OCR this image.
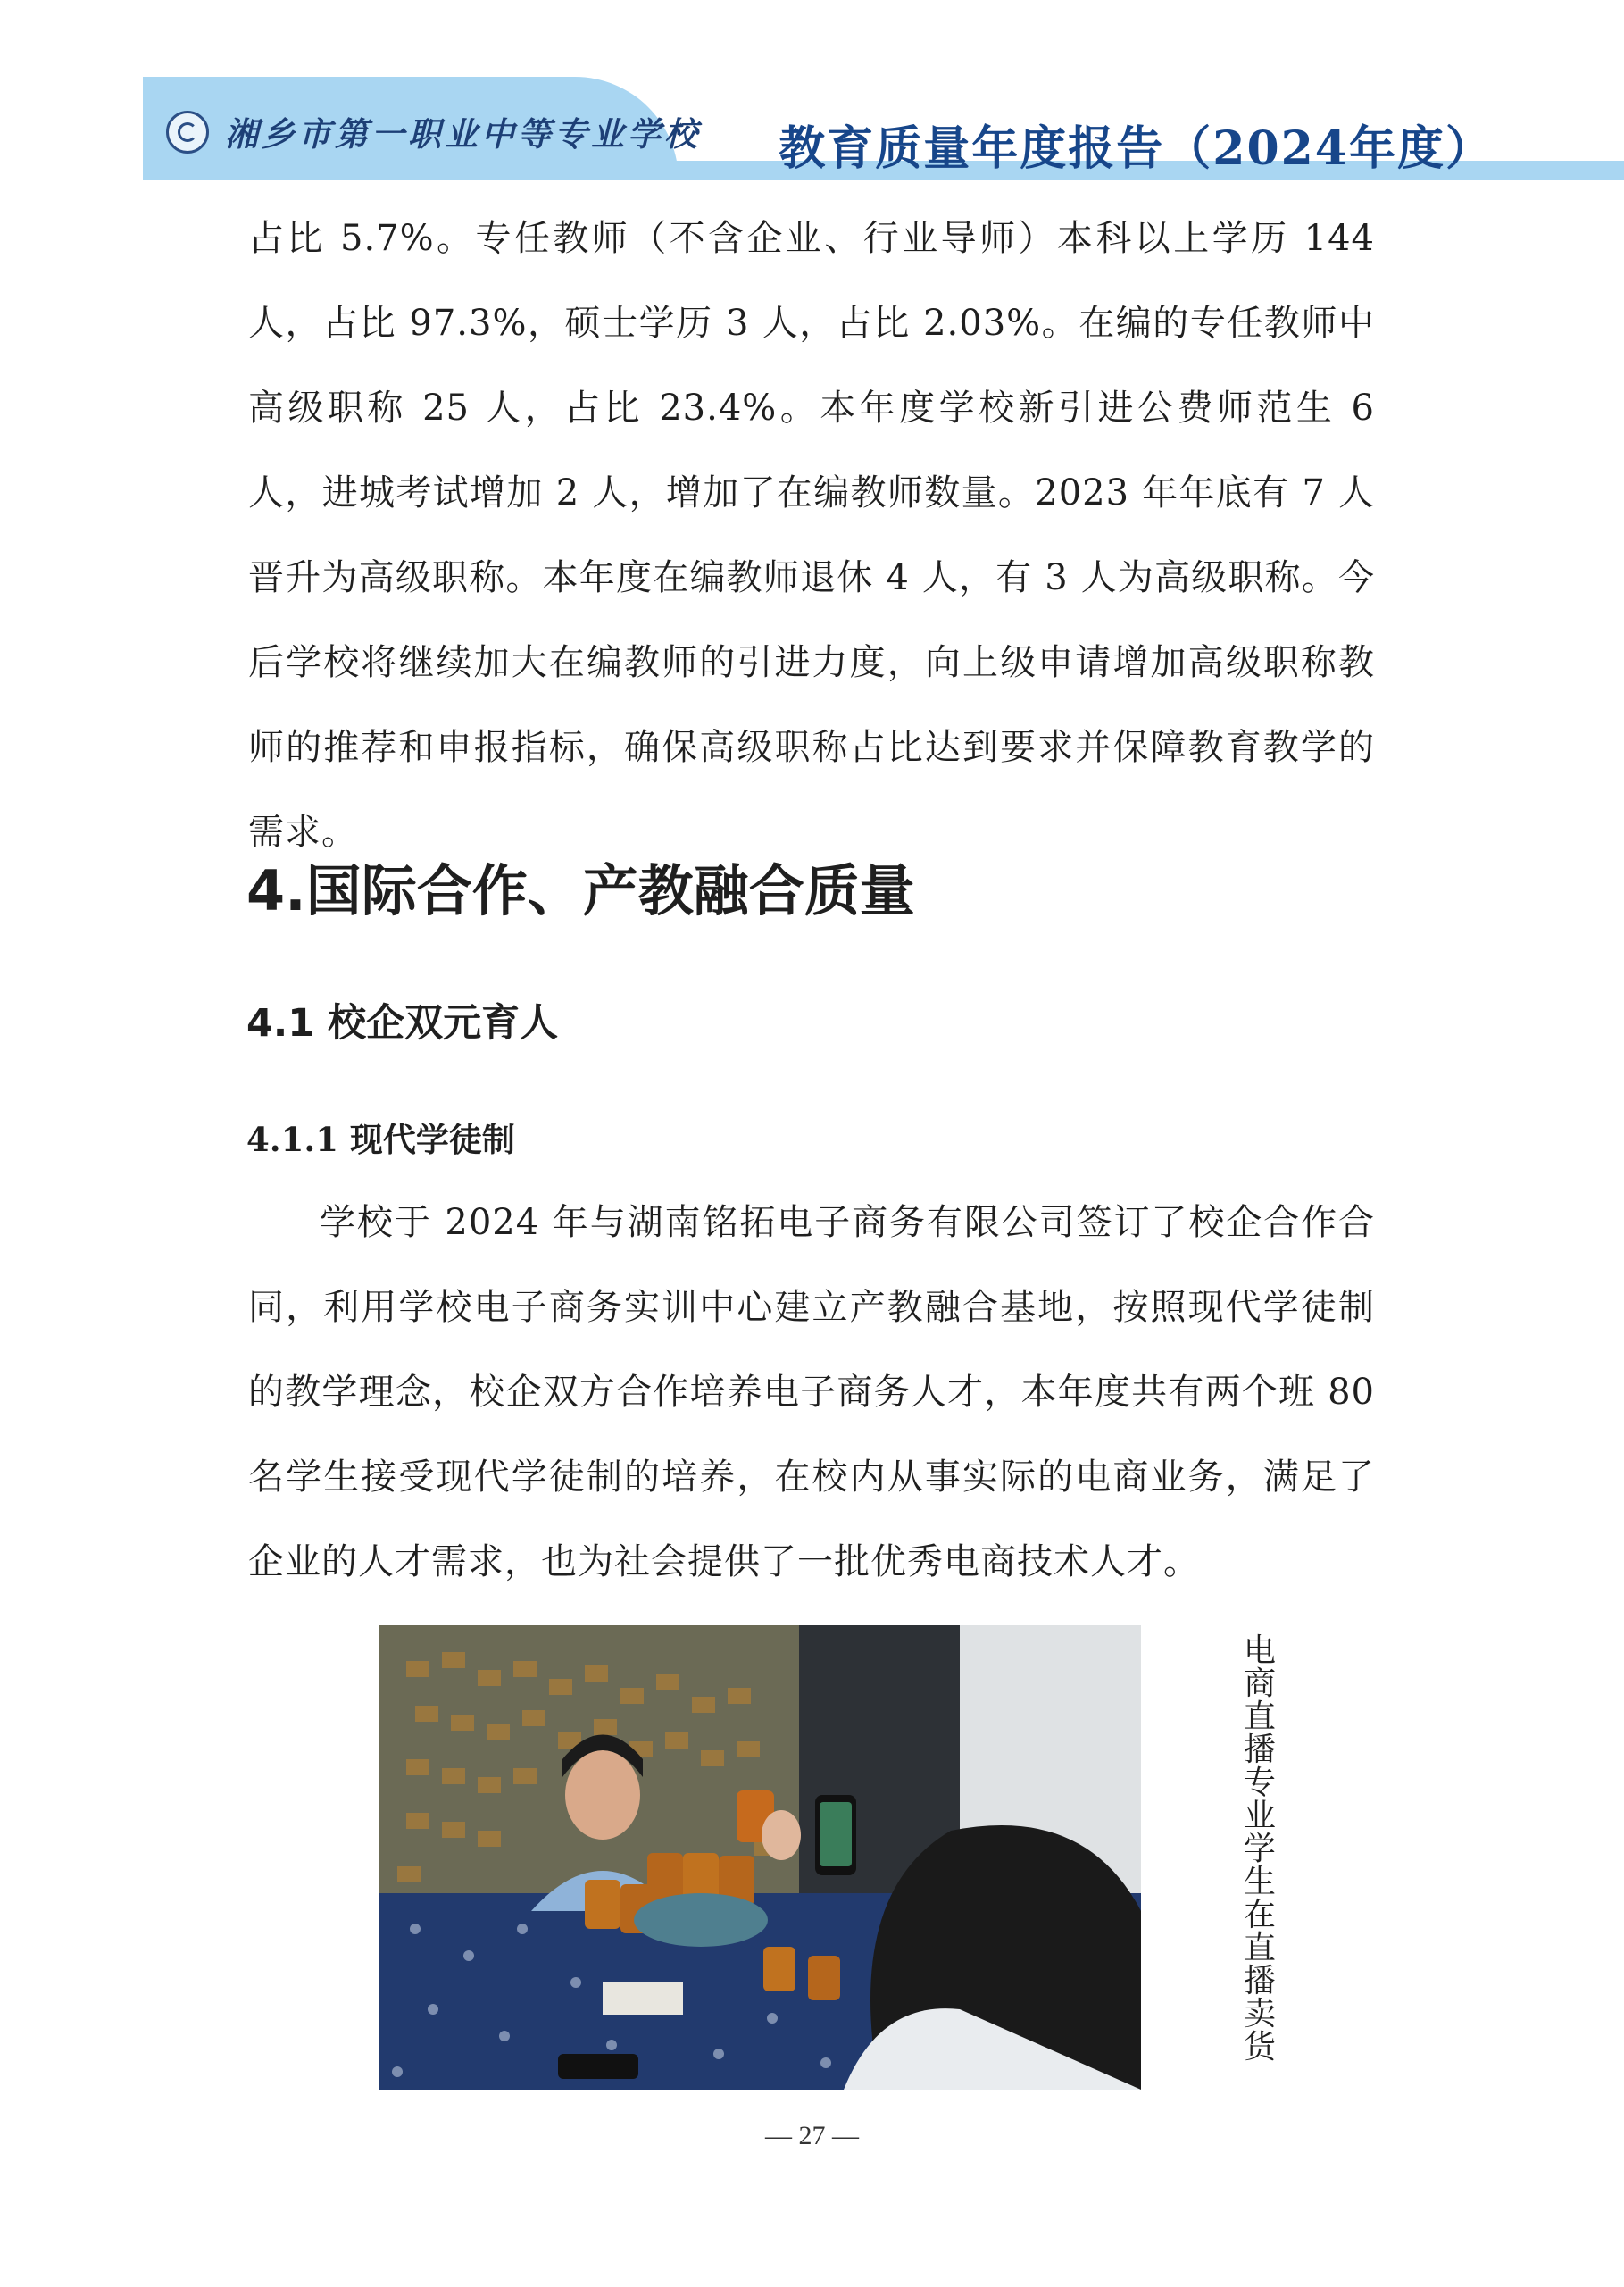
湘乡市第一职业中等专业学校 教育质量年度报告（2024年度）

占比 5.7%。专任教师（不含企业、行业导师）本科以上学历 144 人，占比 97.3%，硕士学历 3 人，占比 2.03%。在编的专任教师中高级职称 25 人，占比 23.4%。本年度学校新引进公费师范生 6 人，进城考试增加 2 人，增加了在编教师数量。2023 年年底有 7 人晋升为高级职称。本年度在编教师退休 4 人，有 3 人为高级职称。今后学校将继续加大在编教师的引进力度，向上级申请增加高级职称教师的推荐和申报指标，确保高级职称占比达到要求并保障教育教学的需求。

4.国际合作、产教融合质量
4.1 校企双元育人
4.1.1 现代学徒制

学校于 2024 年与湖南铭拓电子商务有限公司签订了校企合作合同，利用学校电子商务实训中心建立产教融合基地，按照现代学徒制的教学理念，校企双方合作培养电子商务人才，本年度共有两个班 80 名学生接受现代学徒制的培养，在校内从事实际的电商业务，满足了企业的人才需求，也为社会提供了一批优秀电商技术人才。

电商直播专业学生在直播卖货
— 27 —
